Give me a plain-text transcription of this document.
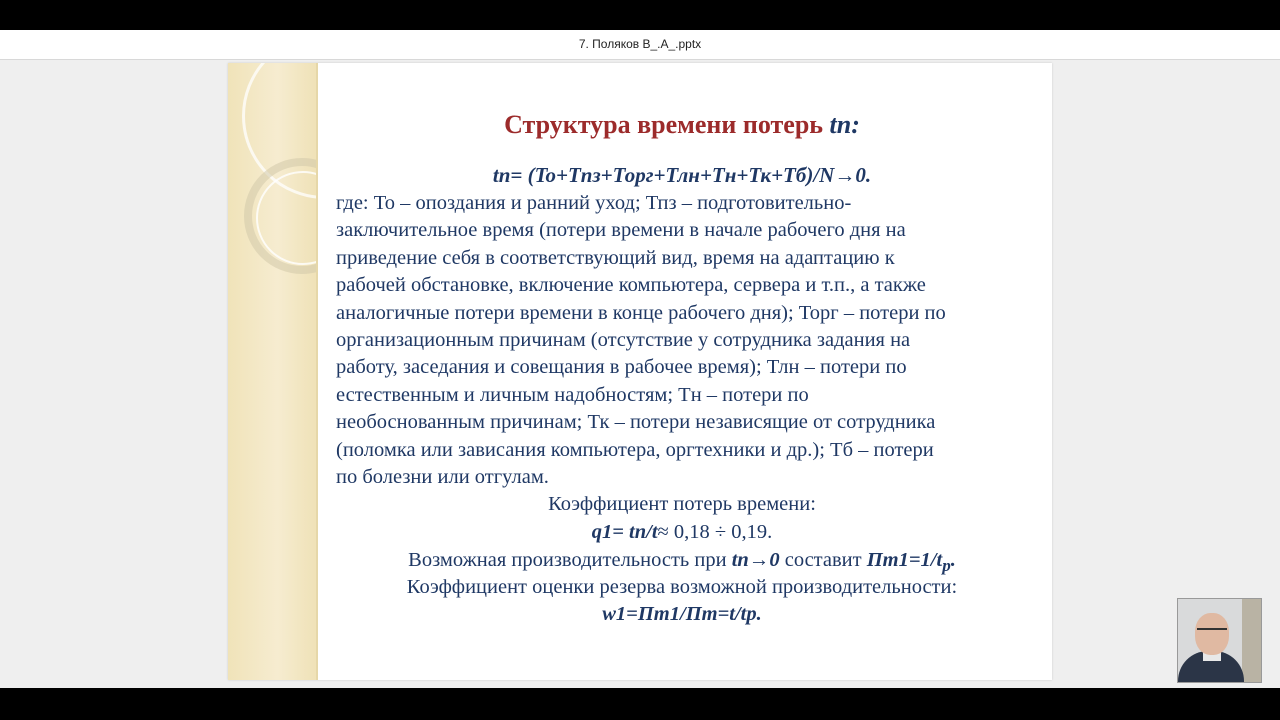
7. Поляков В_.А_.pptx
Структура времени потерь tn:
tn= (To+Tnз+Торг+Тлн+Тн+Тк+Тб)/N→0.
где: То – опоздания и ранний уход; Тпз – подготовительно-
заключительное время (потери времени в начале рабочего дня на
приведение себя в соответствующий вид, время на адаптацию к
рабочей обстановке, включение компьютера, сервера и т.п., а также
аналогичные потери времени в конце рабочего дня); Торг – потери по
организационным причинам (отсутствие у сотрудника задания на
работу, заседания и совещания в рабочее время); Тлн – потери по
естественным и личным надобностям; Тн – потери по
необоснованным причинам; Тк – потери независящие от сотрудника
(поломка или зависания компьютера, оргтехники и др.); Тб – потери
по болезни или отгулам.
Коэффициент потерь времени:
q1= tn/t≈ 0,18 ÷ 0,19.
Возможная производительность при tn→0 составит $Пт1=1/t_p$.
Коэффициент оценки резерва возможной производительности:
w1=Пт1/Пт=t/tp.
